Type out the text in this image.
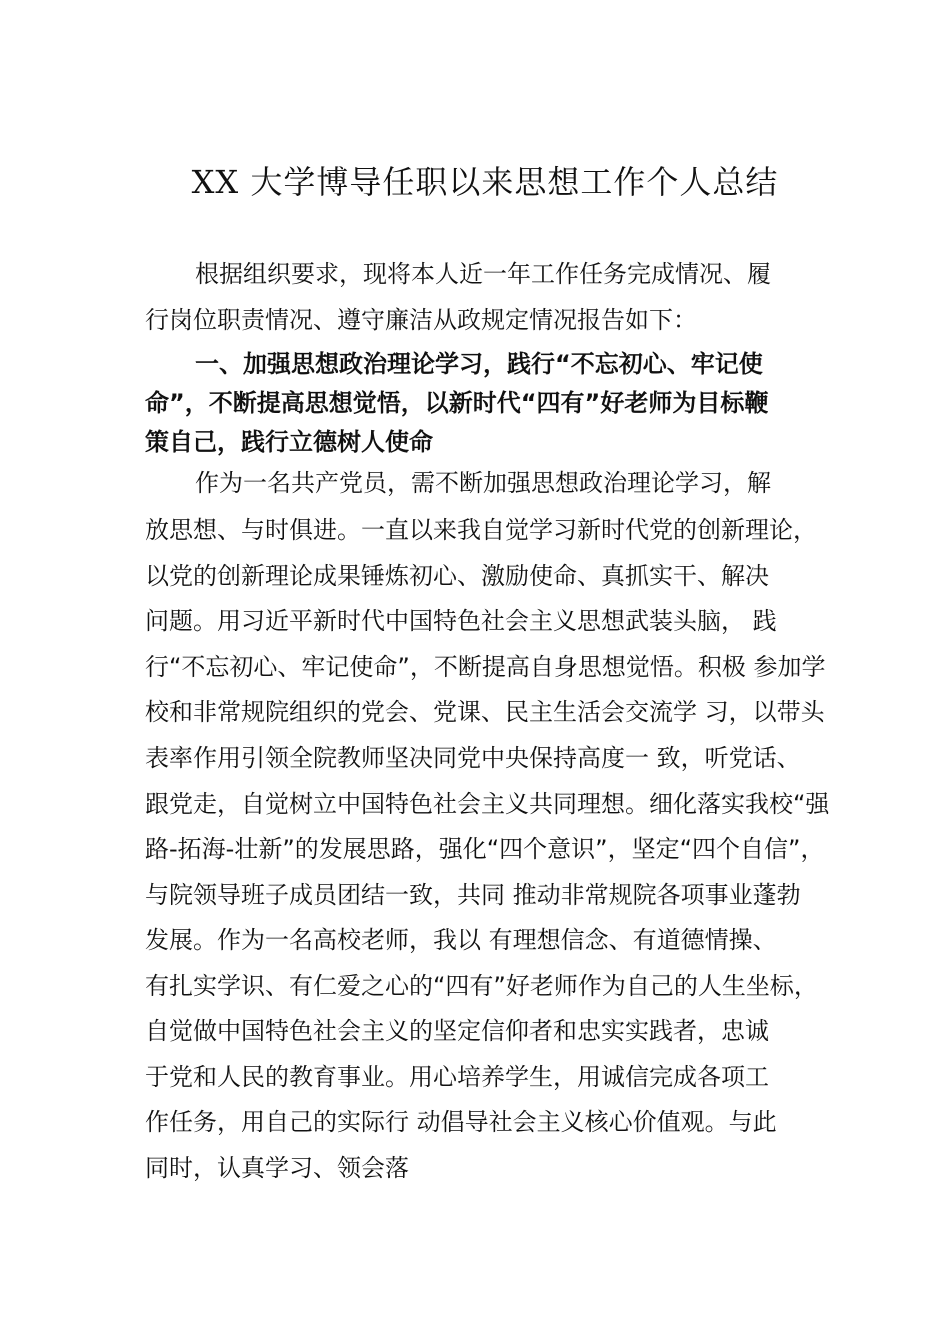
XX 大学博导任职以来思想工作个人总结
根据组织要求，现将本人近一年工作任务完成情况、履
行岗位职责情况、遵守廉洁从政规定情况报告如下：
一、加强思想政治理论学习，践行“不忘初心、牢记使
命”，不断提高思想觉悟，以新时代“四有”好老师为目标鞭
策自己，践行立德树人使命
作为一名共产党员，需不断加强思想政治理论学习，解
放思想、与时俱进。一直以来我自觉学习新时代党的创新理论，
以党的创新理论成果锤炼初心、激励使命、真抓实干、解决
问题。用习近平新时代中国特色社会主义思想武装头脑， 践
行“不忘初心、牢记使命”，不断提高自身思想觉悟。积极 参加学
校和非常规院组织的党会、党课、民主生活会交流学 习，以带头
表率作用引领全院教师坚决同党中央保持高度一 致，听党话、
跟党走，自觉树立中国特色社会主义共同理想。细化落实我校“强
路-拓海-壮新”的发展思路，强化“四个意识”，坚定“四个自信”，
与院领导班子成员团结一致，共同 推动非常规院各项事业蓬勃
发展。作为一名高校老师，我以 有理想信念、有道德情操、
有扎实学识、有仁爱之心的“四有”好老师作为自己的人生坐标，
自觉做中国特色社会主义的坚定信仰者和忠实实践者，忠诚
于党和人民的教育事业。用心培养学生，用诚信完成各项工
作任务，用自己的实际行 动倡导社会主义核心价值观。与此
同时，认真学习、领会落
